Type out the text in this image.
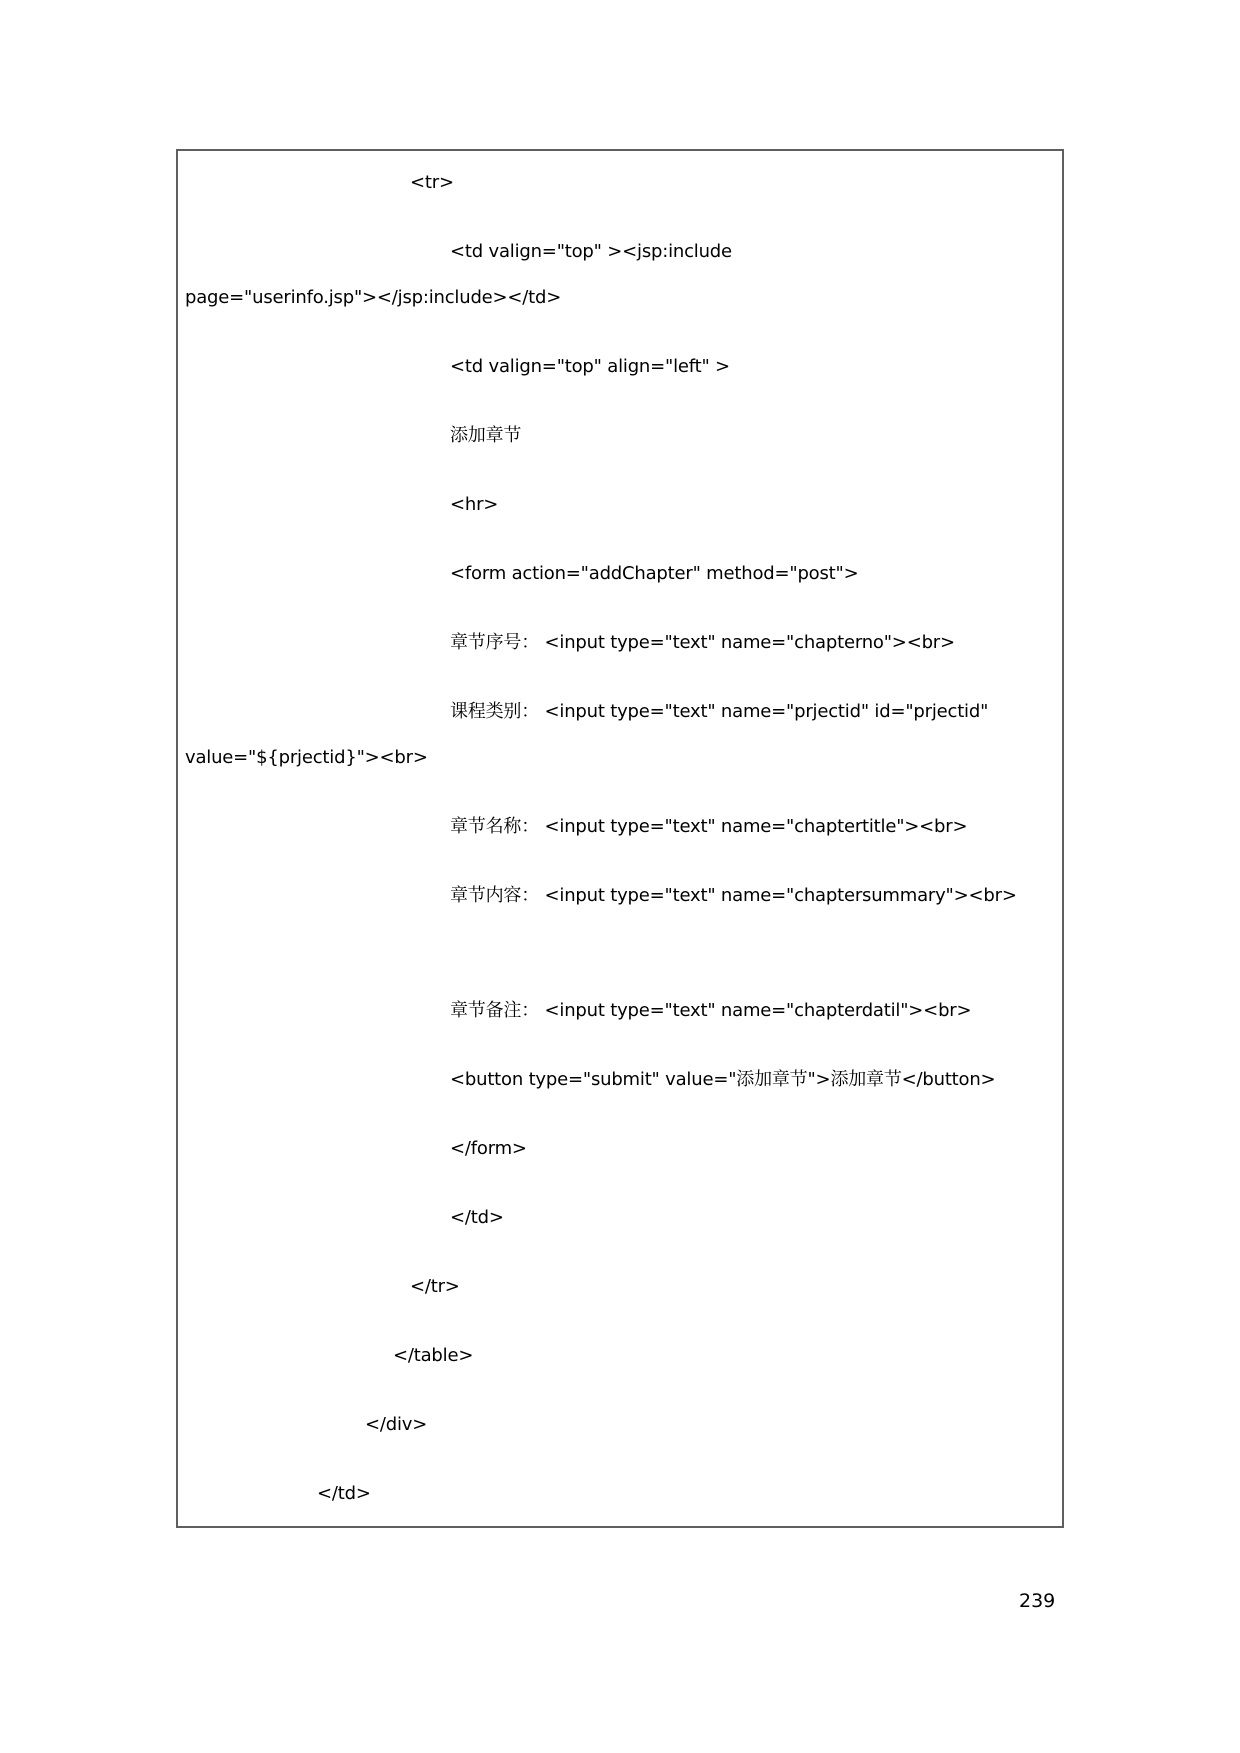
<tr>
<td valign="top" ><jsp:include
page="userinfo.jsp"></jsp:include></td>
<td valign="top" align="left" >
添加章节
<hr>
<form action="addChapter" method="post">
章节序号： <input type="text" name="chapterno"><br>
课程类别： <input type="text" name="prjectid" id="prjectid"
value="${prjectid}"><br>
章节名称： <input type="text" name="chaptertitle"><br>
章节内容： <input type="text" name="chaptersummary"><br>
章节备注： <input type="text" name="chapterdatil"><br>
<button type="submit" value="添加章节">添加章节</button>
</form>
</td>
</tr>
</table>
</div>
</td>
239
